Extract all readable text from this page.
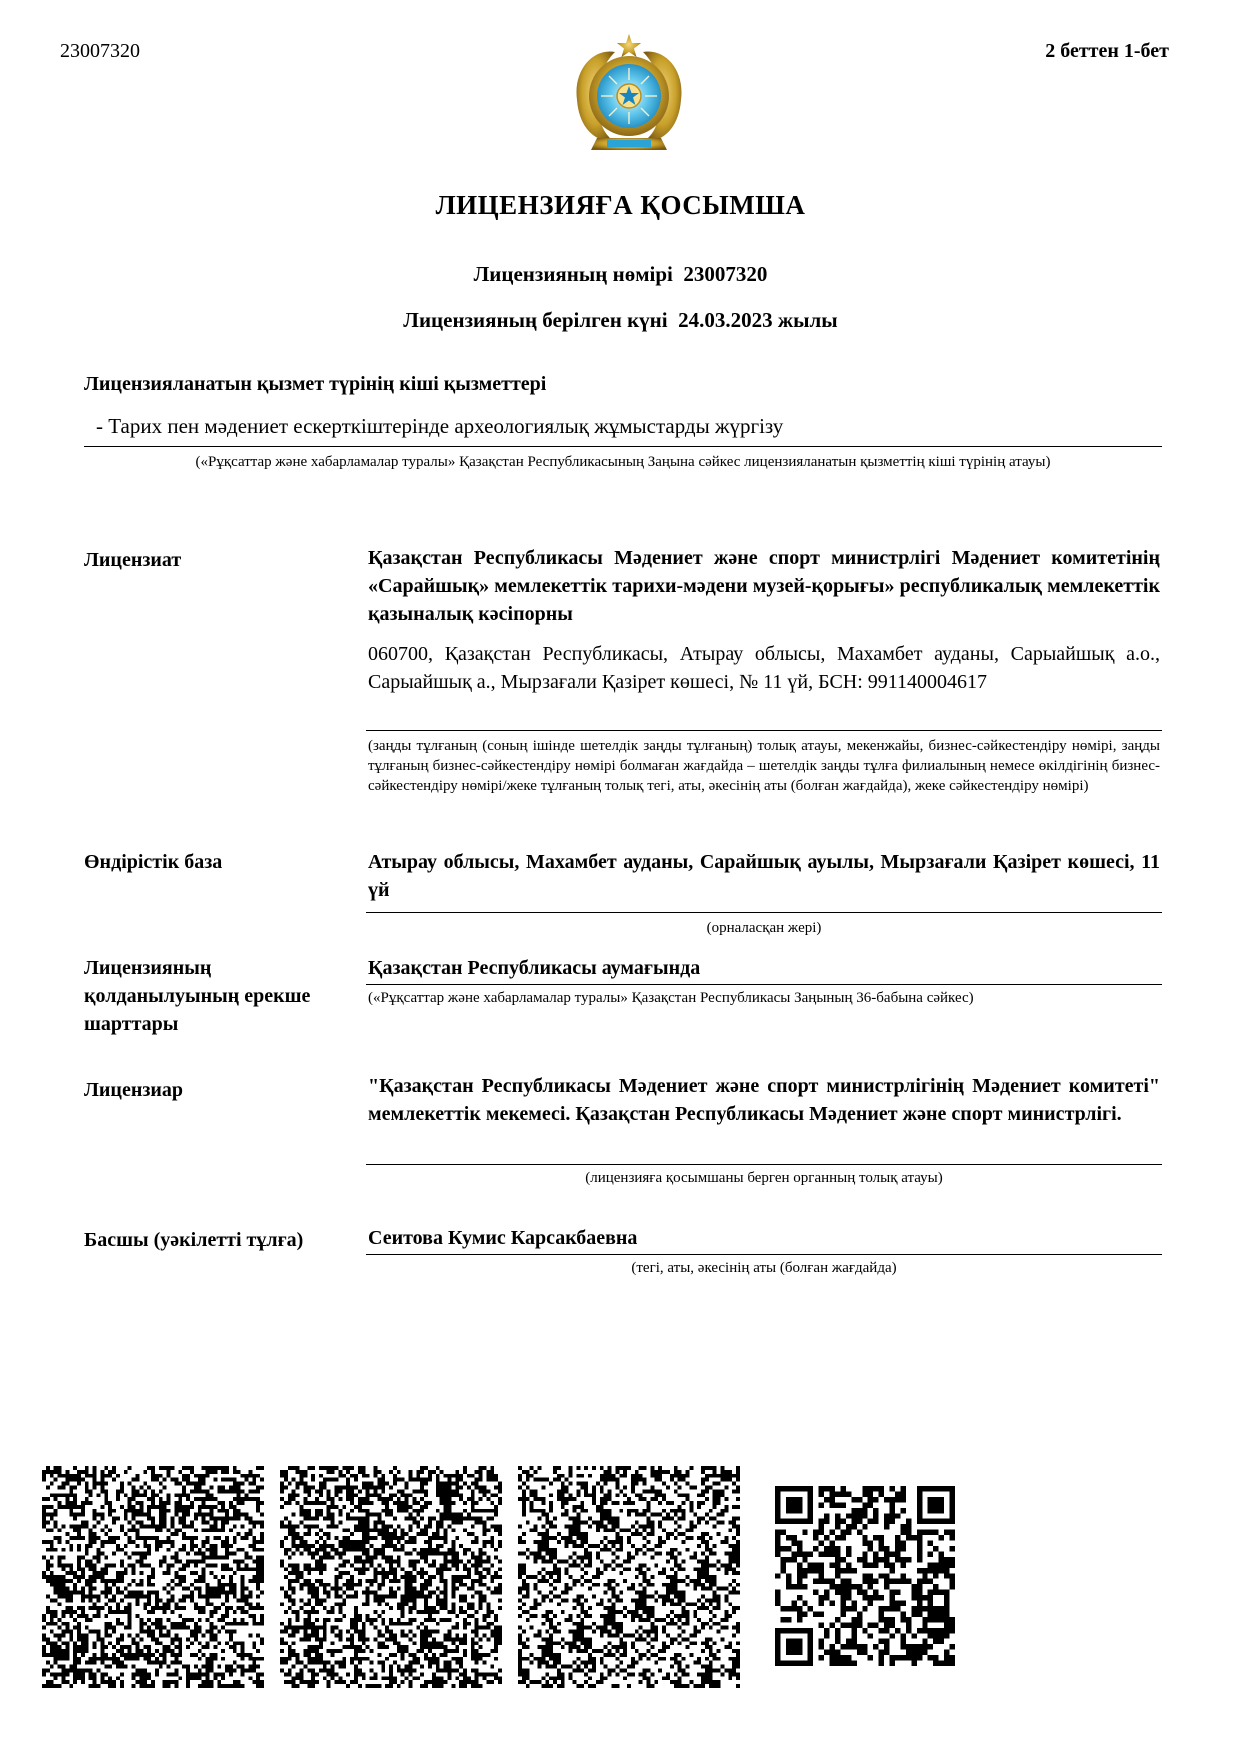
23007320	2 беттен 1-бет
ЛИЦЕНЗИЯҒА ҚОСЫМША
Лицензияның нөмірі 23007320
Лицензияның берілген күні 24.03.2023 жылы
Лицензияланатын қызмет түрінің кіші қызметтері
- Тарих пен мәдениет ескерткіштерінде археологиялық жұмыстарды жүргізу
(«Рұқсаттар және хабарламалар туралы» Қазақстан Республикасының Заңына сәйкес лицензияланатын қызметтің кіші түрінің атауы)
Лицензиат	Қазақстан Республикасы Мәдениет және спорт министрлігі Мәдениет комитетінің «Сарайшық» мемлекеттік тарихи-мәдени музей-қорығы» республикалық мемлекеттік қазыналық кәсіпорны
060700, Қазақстан Республикасы, Атырау облысы, Махамбет ауданы, Сарыайшық а.о., Сарыайшық а., Мырзағали Қазірет көшесі, № 11 үй, БСН: 991140004617
(заңды тұлғаның (соның ішінде шетелдік заңды тұлғаның) толық атауы, мекенжайы, бизнес-сәйкестендіру нөмірі, заңды тұлғаның бизнес-сәйкестендіру нөмірі болмаған жағдайда – шетелдік заңды тұлға филиалының немесе өкілдігінің бизнес-сәйкестендіру нөмірі/жеке тұлғаның толық тегі, аты, әкесінің аты (болған жағдайда), жеке сәйкестендіру нөмірі)
Өндірістік база	Атырау облысы, Махамбет ауданы, Сарайшық ауылы, Мырзағали Қазірет көшесі, 11 үй
(орналасқан жері)
Лицензияның қолданылуының ерекше шарттары
Қазақстан Республикасы аумағында
(«Рұқсаттар және хабарламалар туралы» Қазақстан Республикасы Заңының 36-бабына сәйкес)
Лицензиар	"Қазақстан Республикасы Мәдениет және спорт министрлігінің Мәдениет комитеті" мемлекеттік мекемесі. Қазақстан Республикасы Мәдениет және спорт министрлігі.
(лицензияға қосымшаны берген органның толық атауы)
Басшы (уәкілетті тұлға)	Сеитова Кумис Карсакбаевна
(тегі, аты, әкесінің аты (болған жағдайда)
